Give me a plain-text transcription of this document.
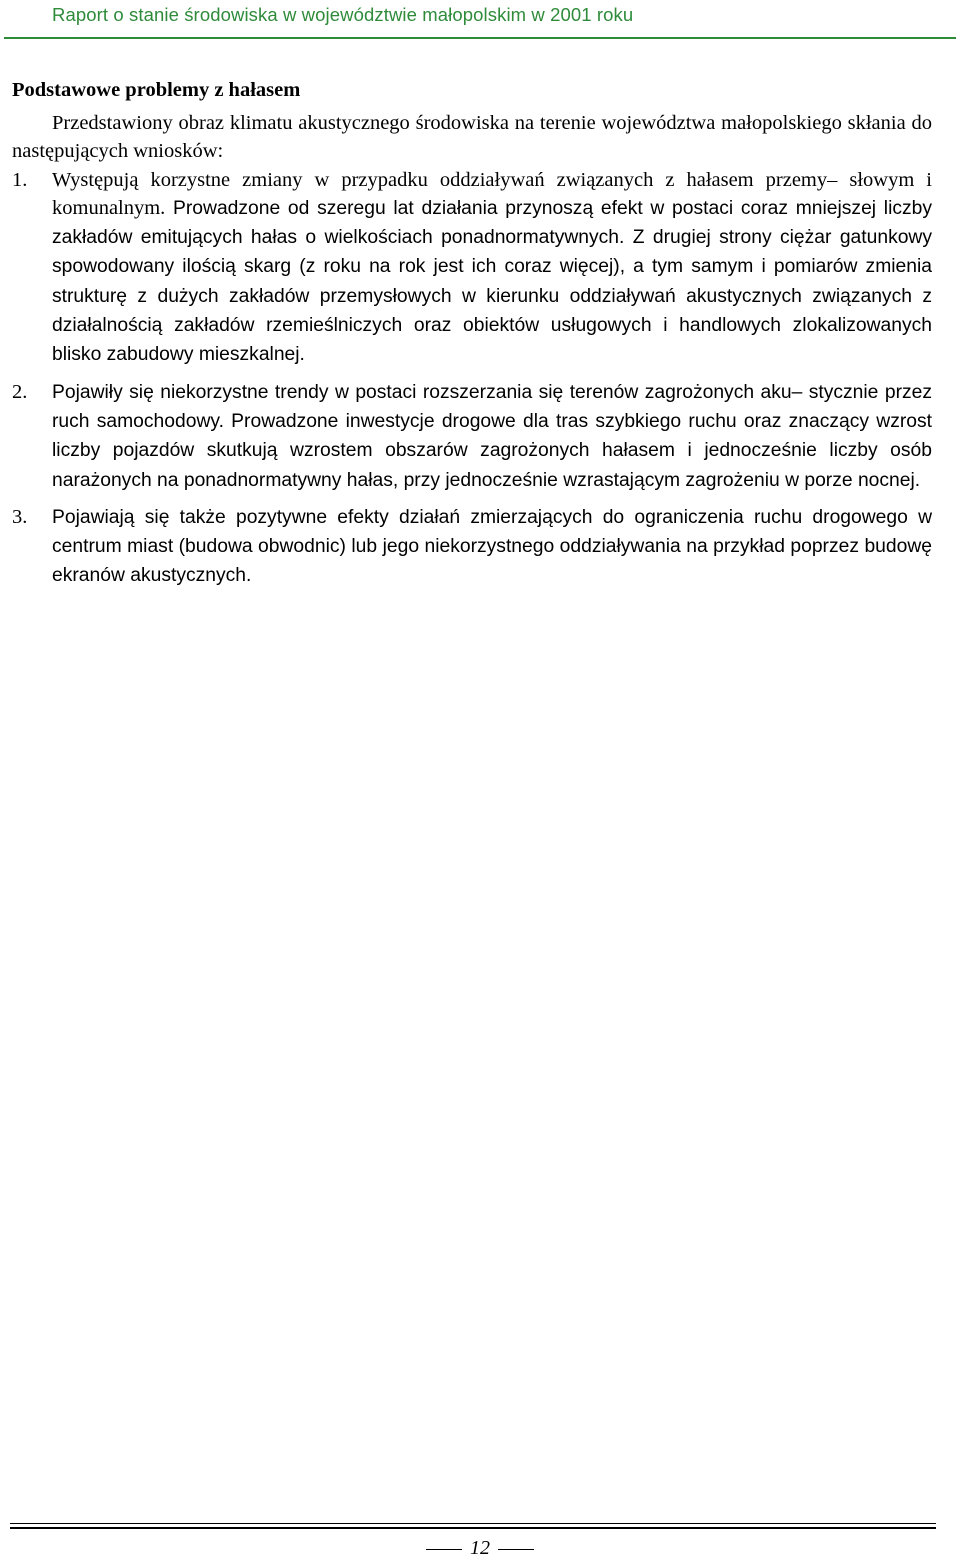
Raport o stanie środowiska w województwie małopolskim w 2001 roku
Podstawowe problemy z hałasem

Przedstawiony obraz klimatu akustycznego środowiska na terenie województwa małopolskiego skłania do następujących wniosków:

1. Występują korzystne zmiany w przypadku oddziaływań związanych z hałasem przemy– słowym i komunalnym. Prowadzone od szeregu lat działania przynoszą efekt w postaci coraz mniejszej liczby zakładów emitujących hałas o wielkościach ponadnormatywnych. Z drugiej strony ciężar gatunkowy spowodowany ilością skarg (z roku na rok jest ich coraz więcej), a tym samym i pomiarów zmienia strukturę z dużych zakładów przemysłowych w kierunku oddziaływań akustycznych związanych z działalnością zakładów rzemieślniczych oraz obiektów usługowych i handlowych zlokalizowanych blisko zabudowy mieszkalnej.
2. Pojawiły się niekorzystne trendy w postaci rozszerzania się terenów zagrożonych aku– stycznie przez ruch samochodowy. Prowadzone inwestycje drogowe dla tras szybkiego ruchu oraz znaczący wzrost liczby pojazdów skutkują wzrostem obszarów zagrożonych hałasem i jednocześnie liczby osób narażonych na ponadnormatywny hałas, przy jednocześnie wzrastającym zagrożeniu w porze nocnej.
3. Pojawiają się także pozytywne efekty działań zmierzających do ograniczenia ruchu drogowego w centrum miast (budowa obwodnic) lub jego niekorzystnego oddziaływania na przykład poprzez budowę ekranów akustycznych.
12
